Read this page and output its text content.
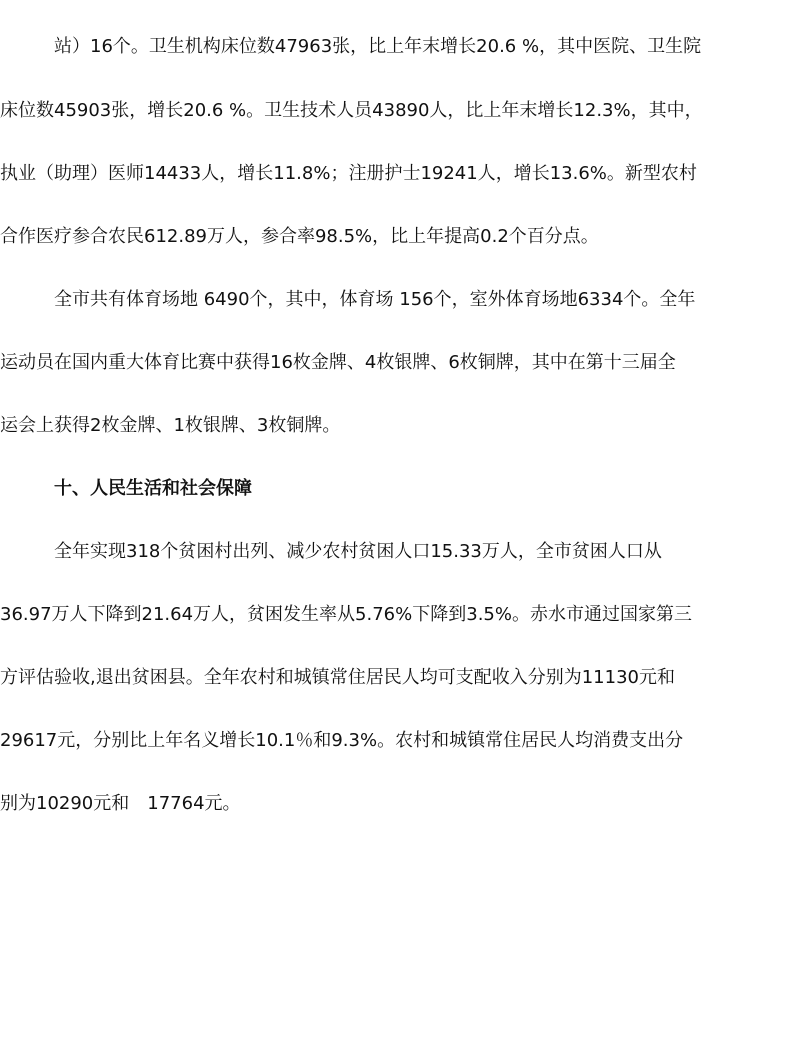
站）16个。卫生机构床位数47963张，比上年末增长20.6 %，其中医院、卫生院
床位数45903张，增长20.6 %。卫生技术人员43890人，比上年末增长12.3%，其中，
执业（助理）医师14433人，增长11.8%；注册护士19241人，增长13.6%。新型农村
合作医疗参合农民612.89万人，参合率98.5%，比上年提高0.2个百分点。
全市共有体育场地 6490个，其中，体育场 156个，室外体育场地6334个。全年
运动员在国内重大体育比赛中获得16枚金牌、4枚银牌、6枚铜牌，其中在第十三届全
运会上获得2枚金牌、1枚银牌、3枚铜牌。
十、人民生活和社会保障
全年实现318个贫困村出列、减少农村贫困人口15.33万人，全市贫困人口从
36.97万人下降到21.64万人，贫困发生率从5.76%下降到3.5%。赤水市通过国家第三
方评估验收,退出贫困县。全年农村和城镇常住居民人均可支配收入分别为11130元和
29617元，分别比上年名义增长10.1％和9.3%。农村和城镇常住居民人均消费支出分
别为10290元和　17764元。
